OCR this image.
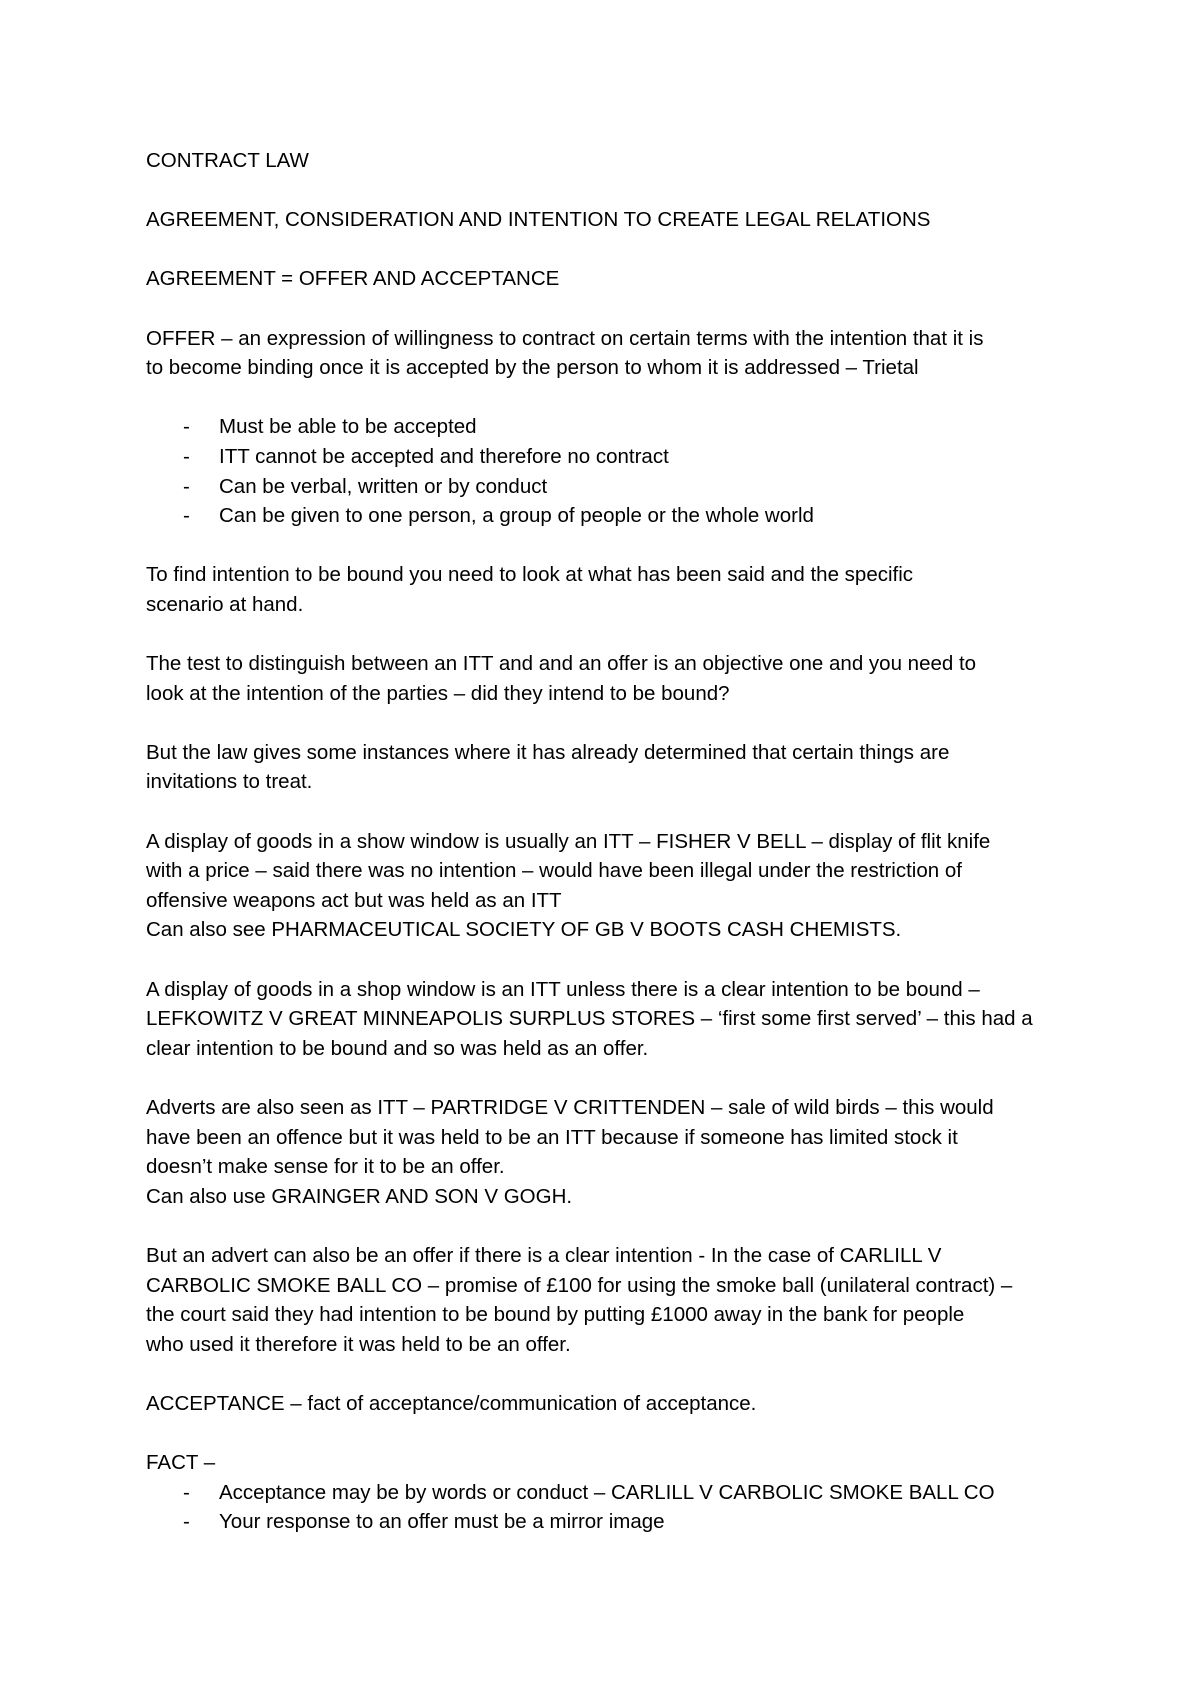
CONTRACT LAW
AGREEMENT, CONSIDERATION AND INTENTION TO CREATE LEGAL RELATIONS
AGREEMENT = OFFER AND ACCEPTANCE
OFFER – an expression of willingness to contract on certain terms with the intention that it is
to become binding once it is accepted by the person to whom it is addressed – Trietal
- Must be able to be accepted
- ITT cannot be accepted and therefore no contract
- Can be verbal, written or by conduct
- Can be given to one person, a group of people or the whole world
To find intention to be bound you need to look at what has been said and the specific
scenario at hand.
The test to distinguish between an ITT and and an offer is an objective one and you need to
look at the intention of the parties – did they intend to be bound?
But the law gives some instances where it has already determined that certain things are
invitations to treat.
A display of goods in a show window is usually an ITT – FISHER V BELL – display of flit knife
with a price – said there was no intention – would have been illegal under the restriction of
offensive weapons act but was held as an ITT
Can also see PHARMACEUTICAL SOCIETY OF GB V BOOTS CASH CHEMISTS.
A display of goods in a shop window is an ITT unless there is a clear intention to be bound –
LEFKOWITZ V GREAT MINNEAPOLIS SURPLUS STORES – ‘first some first served’ – this had a
clear intention to be bound and so was held as an offer.
Adverts are also seen as ITT – PARTRIDGE V CRITTENDEN – sale of wild birds – this would
have been an offence but it was held to be an ITT because if someone has limited stock it
doesn’t make sense for it to be an offer.
Can also use GRAINGER AND SON V GOGH.
But an advert can also be an offer if there is a clear intention - In the case of CARLILL V
CARBOLIC SMOKE BALL CO – promise of £100 for using the smoke ball (unilateral contract) –
the court said they had intention to be bound by putting £1000 away in the bank for people
who used it therefore it was held to be an offer.
ACCEPTANCE – fact of acceptance/communication of acceptance.
FACT –
- Acceptance may be by words or conduct – CARLILL V CARBOLIC SMOKE BALL CO
- Your response to an offer must be a mirror image
